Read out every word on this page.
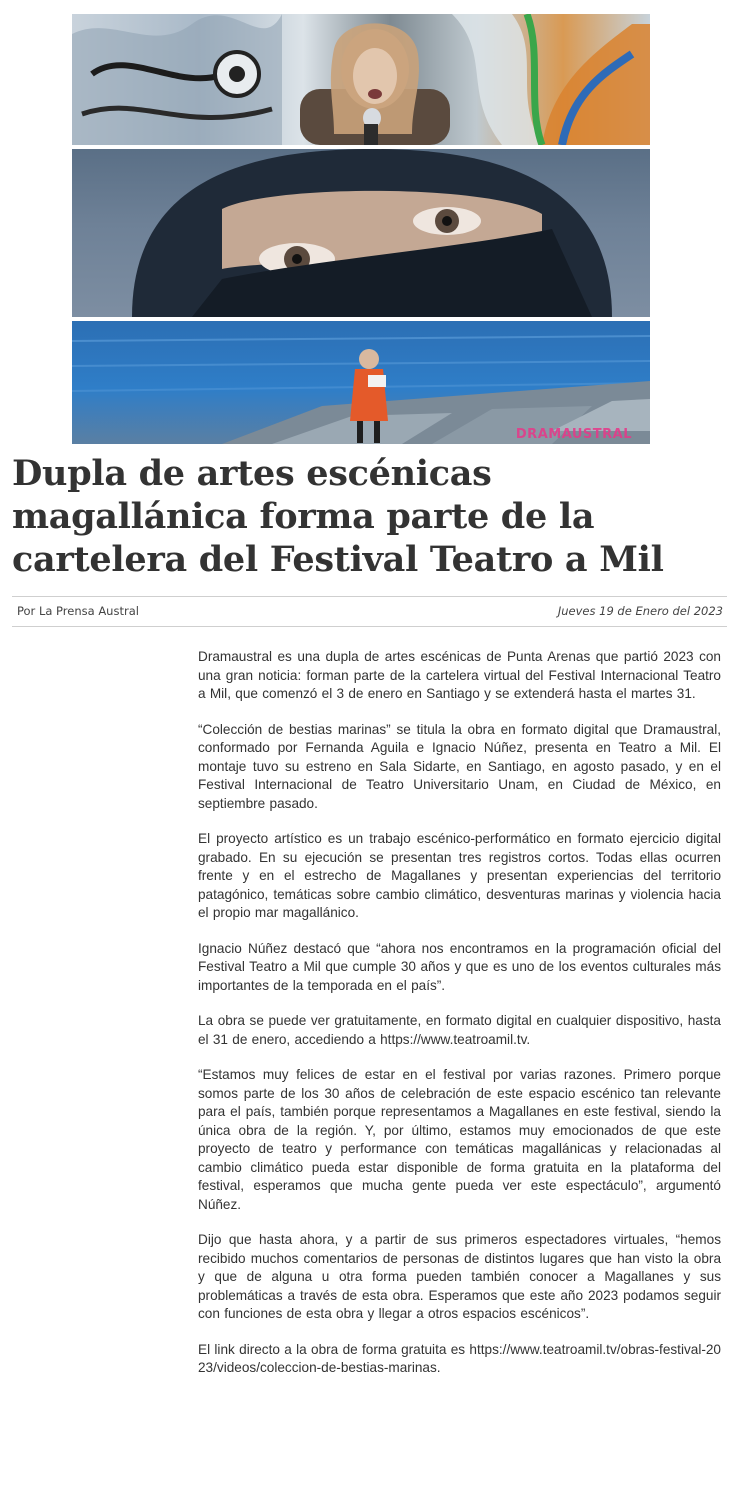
DRAMAUSTRAL
Dupla de artes escénicas magallánica forma parte de la cartelera del Festival Teatro a Mil
Por La Prensa Austral	Jueves 19 de Enero del 2023

Dramaustral es una dupla de artes escénicas de Punta Arenas que partió 2023 con una gran noticia: forman parte de la cartelera virtual del Festival Internacional Teatro a Mil, que comenzó el 3 de enero en Santiago y se extenderá hasta el martes 31.

“Colección de bestias marinas” se titula la obra en formato digital que Dramaustral, conformado por Fernanda Aguila e Ignacio Núñez, presenta en Teatro a Mil. El montaje tuvo su estreno en Sala Sidarte, en Santiago, en agosto pasado, y en el Festival Internacional de Teatro Universitario Unam, en Ciudad de México, en septiembre pasado.

El proyecto artístico es un trabajo escénico-performático en formato ejercicio digital grabado. En su ejecución se presentan tres registros cortos. Todas ellas ocurren frente y en el estrecho de Magallanes y presentan experiencias del territorio patagónico, temáticas sobre cambio climático, desventuras marinas y violencia hacia el propio mar magallánico.

Ignacio Núñez destacó que “ahora nos encontramos en la programación oficial del Festival Teatro a Mil que cumple 30 años y que es uno de los eventos culturales más importantes de la temporada en el país”.

La obra se puede ver gratuitamente, en formato digital en cualquier dispositivo, hasta el 31 de enero, accediendo a https://www.teatroamil.tv.

“Estamos muy felices de estar en el festival por varias razones. Primero porque somos parte de los 30 años de celebración de este espacio escénico tan relevante para el país, también porque representamos a Magallanes en este festival, siendo la única obra de la región. Y, por último, estamos muy emocionados de que este proyecto de teatro y performance con temáticas magallánicas y relacionadas al cambio climático pueda estar disponible de forma gratuita en la plataforma del festival, esperamos que mucha gente pueda ver este espectáculo”, argumentó Núñez.

Dijo que hasta ahora, y a partir de sus primeros espectadores virtuales, “hemos recibido muchos comentarios de personas de distintos lugares que han visto la obra y que de alguna u otra forma pueden también conocer a Magallanes y sus problemáticas a través de esta obra. Esperamos que este año 2023 podamos seguir con funciones de esta obra y llegar a otros espacios escénicos”.

El link directo a la obra de forma gratuita es https://www.teatroamil.tv/obras-festival-2023/videos/coleccion-de-bestias-marinas.
